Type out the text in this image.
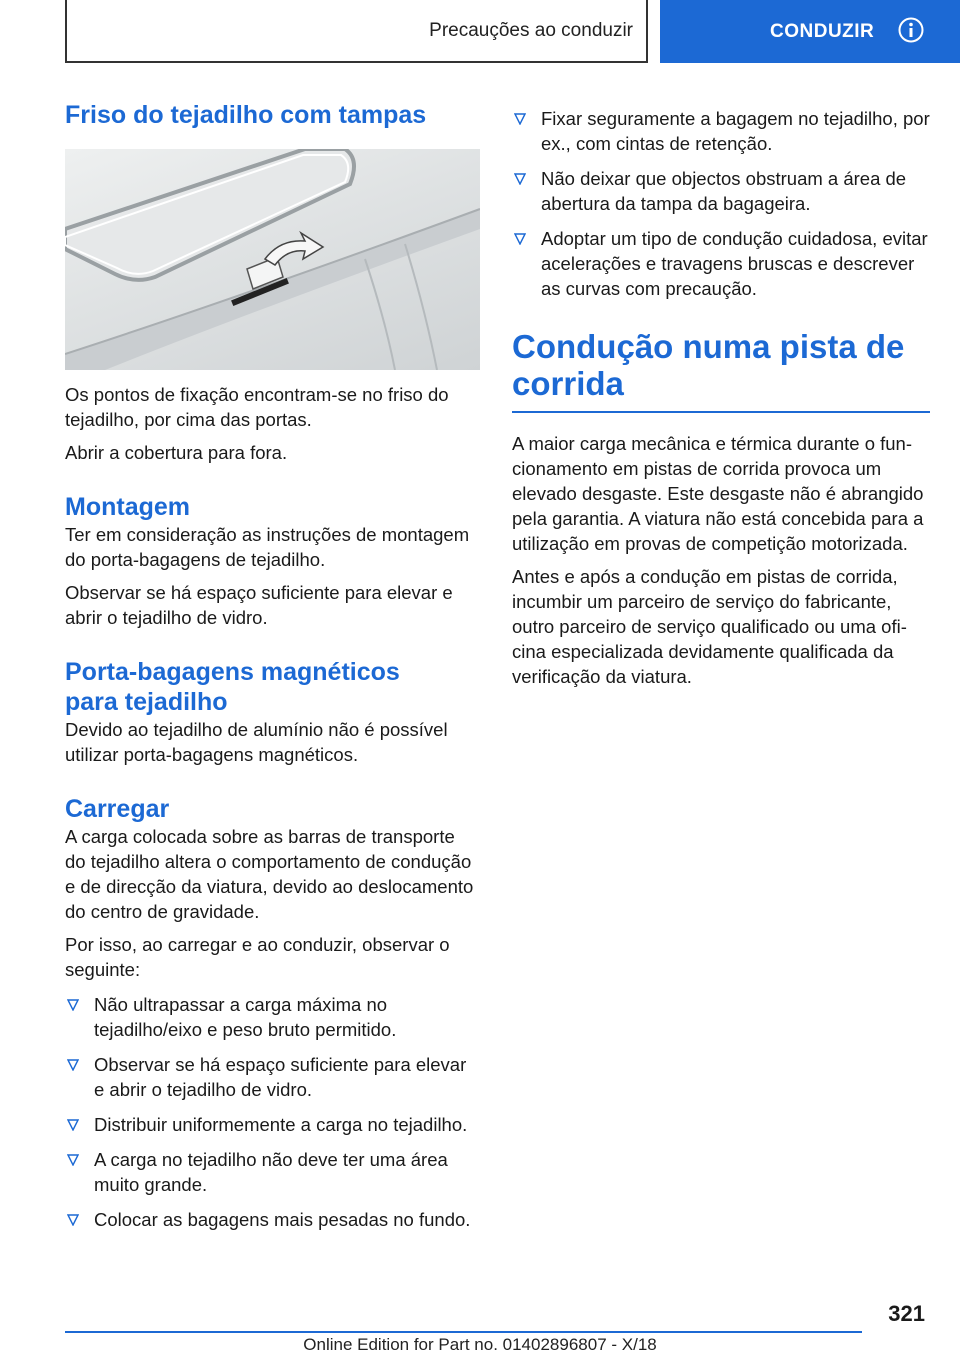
Precauções ao conduzir	CONDUZIR
Friso do tejadilho com tampas

Os pontos de fixação encontram-se no friso do tejadilho, por cima das portas.

Abrir a cobertura para fora.

Montagem

Ter em consideração as instruções de montagem do porta-bagagens de tejadilho.

Observar se há espaço suficiente para elevar e abrir o tejadilho de vidro.

Porta-bagagens magnéticos
para tejadilho

Devido ao tejadilho de alumínio não é possível utilizar porta-bagagens magnéticos.

Carregar

A carga colocada sobre as barras de transporte do tejadilho altera o comportamento de condução e de direcção da viatura, devido ao deslocamento do centro de gravidade.

Por isso, ao carregar e ao conduzir, observar o seguinte:

Não ultrapassar a carga máxima no tejadilho/eixo e peso bruto permitido.
Observar se há espaço suficiente para elevar e abrir o tejadilho de vidro.
Distribuir uniformemente a carga no tejadilho.
A carga no tejadilho não deve ter uma área muito grande.
Colocar as bagagens mais pesadas no fundo.
Fixar seguramente a bagagem no tejadilho, por ex., com cintas de retenção.
Não deixar que objectos obstruam a área de abertura da tampa da bagageira.
Adoptar um tipo de condução cuidadosa, evitar acelerações e travagens bruscas e descrever as curvas com precaução.
Condução numa pista de
corrida

A maior carga mecânica e térmica durante o funcionamento em pistas de corrida provoca um elevado desgaste. Este desgaste não é abrangido pela garantia. A viatura não está concebida para a utilização em provas de competição motorizada.

Antes e após a condução em pistas de corrida, incumbir um parceiro de serviço do fabricante, outro parceiro de serviço qualificado ou uma oficina especializada devidamente qualificada da verificação da viatura.

321
Online Edition for Part no. 01402896807 - X/18
